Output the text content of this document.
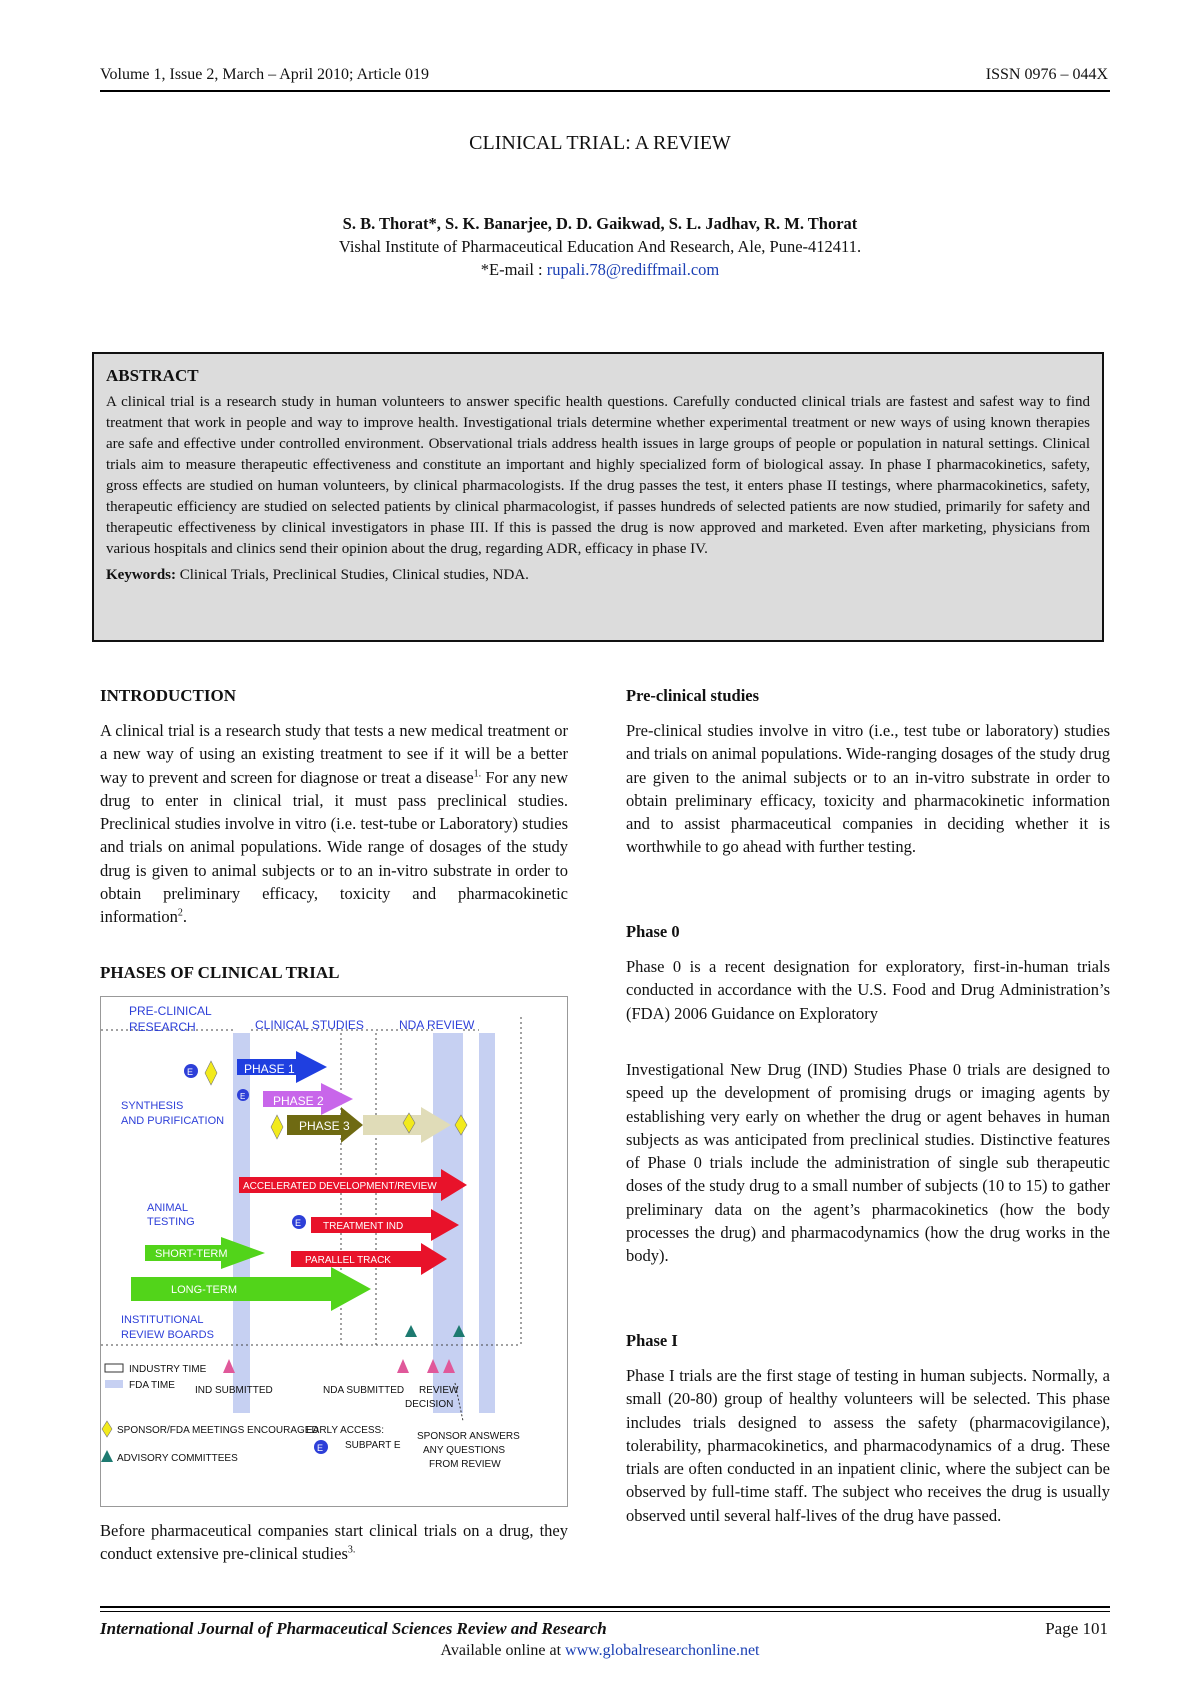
Volume 1, Issue 2, March – April 2010; Article 019	ISSN 0976 – 044X
CLINICAL TRIAL: A REVIEW
S. B. Thorat*, S. K. Banarjee, D. D. Gaikwad, S. L. Jadhav, R. M. Thorat
Vishal Institute of Pharmaceutical Education And Research, Ale, Pune-412411.
*E-mail : rupali.78@rediffmail.com
ABSTRACT
A clinical trial is a research study in human volunteers to answer specific health questions. Carefully conducted clinical trials are fastest and safest way to find treatment that work in people and way to improve health. Investigational trials determine whether experimental treatment or new ways of using known therapies are safe and effective under controlled environment. Observational trials address health issues in large groups of people or population in natural settings. Clinical trials aim to measure therapeutic effectiveness and constitute an important and highly specialized form of biological assay. In phase I pharmacokinetics, safety, gross effects are studied on human volunteers, by clinical pharmacologists. If the drug passes the test, it enters phase II testings, where pharmacokinetics, safety, therapeutic efficiency are studied on selected patients by clinical pharmacologist, if passes hundreds of selected patients are now studied, primarily for safety and therapeutic effectiveness by clinical investigators in phase III. If this is passed the drug is now approved and marketed. Even after marketing, physicians from various hospitals and clinics send their opinion about the drug, regarding ADR, efficacy in phase IV.
Keywords: Clinical Trials, Preclinical Studies, Clinical studies, NDA.
INTRODUCTION
A clinical trial is a research study that tests a new medical treatment or a new way of using an existing treatment to see if it will be a better way to prevent and screen for diagnose or treat a disease$^{1.}$ For any new drug to enter in clinical trial, it must pass preclinical studies. Preclinical studies involve in vitro (i.e. test-tube or Laboratory) studies and trials on animal populations. Wide range of dosages of the study drug is given to animal subjects or to an in-vitro substrate in order to obtain preliminary efficacy, toxicity and pharmacokinetic information$^2$.
PHASES OF CLINICAL TRIAL
PRE-CLINICAL
RESEARCH	CLINICAL STUDIES	NDA REVIEW
PHASE 1
PHASE 2
PHASE 3
E
E
E
SYNTHESIS
AND PURIFICATION
ANIMAL
TESTING
INSTITUTIONAL
REVIEW BOARDS
ACCELERATED DEVELOPMENT/REVIEW
TREATMENT IND
PARALLEL TRACK
SHORT-TERM
LONG-TERM
INDUSTRY TIME
FDA TIME IND SUBMITTED	NDA SUBMITTED REVIEW
DECISION
SPONSOR/FDA MEETINGS ENCOURAGED
EARLY ACCESS:
E SUBPART E
SPONSOR ANSWERS
ANY QUESTIONS
FROM REVIEW
ADVISORY COMMITTEES
Before pharmaceutical companies start clinical trials on a drug, they conduct extensive pre-clinical studies$^{3.}$
Pre-clinical studies
Pre-clinical studies involve in vitro (i.e., test tube or laboratory) studies and trials on animal populations. Wide-ranging dosages of the study drug are given to the animal subjects or to an in-vitro substrate in order to obtain preliminary efficacy, toxicity and pharmacokinetic information and to assist pharmaceutical companies in deciding whether it is worthwhile to go ahead with further testing.
Phase 0
Phase 0 is a recent designation for exploratory, first-in-human trials conducted in accordance with the U.S. Food and Drug Administration’s (FDA) 2006 Guidance on Exploratory
Investigational New Drug (IND) Studies Phase 0 trials are designed to speed up the development of promising drugs or imaging agents by establishing very early on whether the drug or agent behaves in human subjects as was anticipated from preclinical studies. Distinctive features of Phase 0 trials include the administration of single sub therapeutic doses of the study drug to a small number of subjects (10 to 15) to gather preliminary data on the agent’s pharmacokinetics (how the body processes the drug) and pharmacodynamics (how the drug works in the body).
Phase I
Phase I trials are the first stage of testing in human subjects. Normally, a small (20-80) group of healthy volunteers will be selected. This phase includes trials designed to assess the safety (pharmacovigilance), tolerability, pharmacokinetics, and pharmacodynamics of a drug. These trials are often conducted in an inpatient clinic, where the subject can be observed by full-time staff. The subject who receives the drug is usually observed until several half-lives of the drug have passed.
International Journal of Pharmaceutical Sciences Review and Research	Page 101
Available online at www.globalresearchonline.net
